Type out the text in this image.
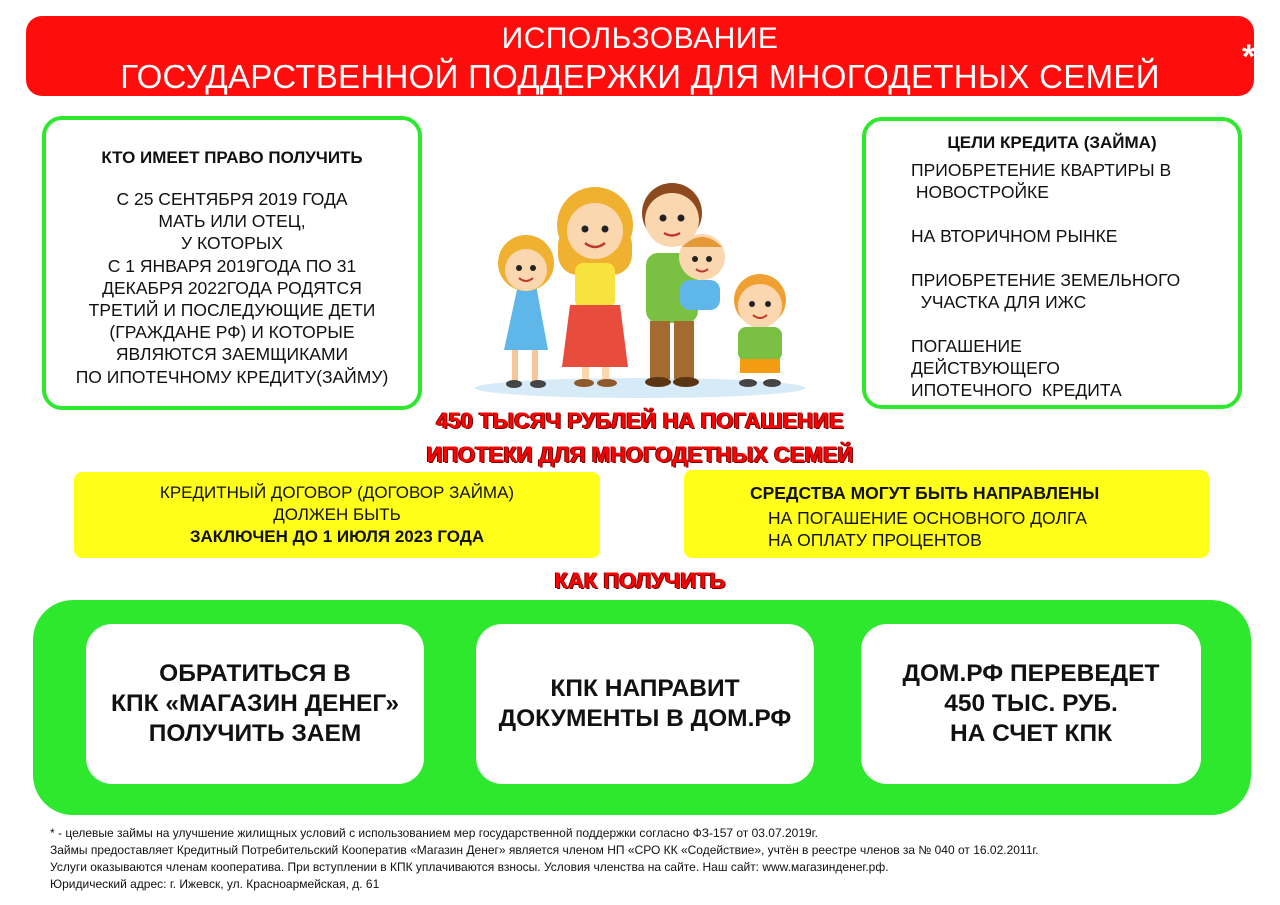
ИСПОЛЬЗОВАНИЕ
ГОСУДАРСТВЕННОЙ ПОДДЕРЖКИ ДЛЯ МНОГОДЕТНЫХ СЕМЕЙ
*
КТО ИМЕЕТ ПРАВО ПОЛУЧИТЬ
С 25 СЕНТЯБРЯ 2019 ГОДА
МАТЬ ИЛИ ОТЕЦ,
У КОТОРЫХ
С 1 ЯНВАРЯ 2019ГОДА ПО 31
ДЕКАБРЯ 2022ГОДА РОДЯТСЯ
ТРЕТИЙ И ПОСЛЕДУЮЩИЕ ДЕТИ
(ГРАЖДАНЕ РФ) И КОТОРЫЕ
ЯВЛЯЮТСЯ ЗАЕМЩИКАМИ
ПО ИПОТЕЧНОМУ КРЕДИТУ(ЗАЙМУ)
ЦЕЛИ КРЕДИТА (ЗАЙМА)
ПРИОБРЕТЕНИЕ КВАРТИРЫ В
НОВОСТРОЙКЕ
НА ВТОРИЧНОМ РЫНКЕ
ПРИОБРЕТЕНИЕ ЗЕМЕЛЬНОГО
УЧАСТКА ДЛЯ ИЖС
ПОГАШЕНИЕ
ДЕЙСТВУЮЩЕГО
ИПОТЕЧНОГО  КРЕДИТА
450 ТЫСЯЧ РУБЛЕЙ НА ПОГАШЕНИЕ
ИПОТЕКИ ДЛЯ МНОГОДЕТНЫХ СЕМЕЙ
КРЕДИТНЫЙ ДОГОВОР (ДОГОВОР ЗАЙМА)
ДОЛЖЕН БЫТЬ
ЗАКЛЮЧЕН ДО 1 ИЮЛЯ 2023 ГОДА
СРЕДСТВА МОГУТ БЫТЬ НАПРАВЛЕНЫ
НА ПОГАШЕНИЕ ОСНОВНОГО ДОЛГА
НА ОПЛАТУ ПРОЦЕНТОВ
КАК ПОЛУЧИТЬ
ОБРАТИТЬСЯ В
КПК «МАГАЗИН ДЕНЕГ»
ПОЛУЧИТЬ ЗАЕМ
КПК НАПРАВИТ
ДОКУМЕНТЫ В ДОМ.РФ
ДОМ.РФ ПЕРЕВЕДЕТ
450 ТЫС. РУБ.
НА СЧЕТ КПК
* - целевые займы на улучшение жилищных условий с использованием мер государственной поддержки согласно ФЗ-157 от 03.07.2019г.
Займы предоставляет Кредитный Потребительский Кооператив «Магазин Денег» является членом НП «СРО КК «Содействие», учтён в реестре членов за № 040 от 16.02.2011г.
Услуги оказываются членам кооператива. При вступлении в КПК уплачиваются взносы. Условия членства на сайте. Наш сайт: www.магазинденег.рф.
Юридический адрес: г. Ижевск, ул. Красноармейская, д. 61
